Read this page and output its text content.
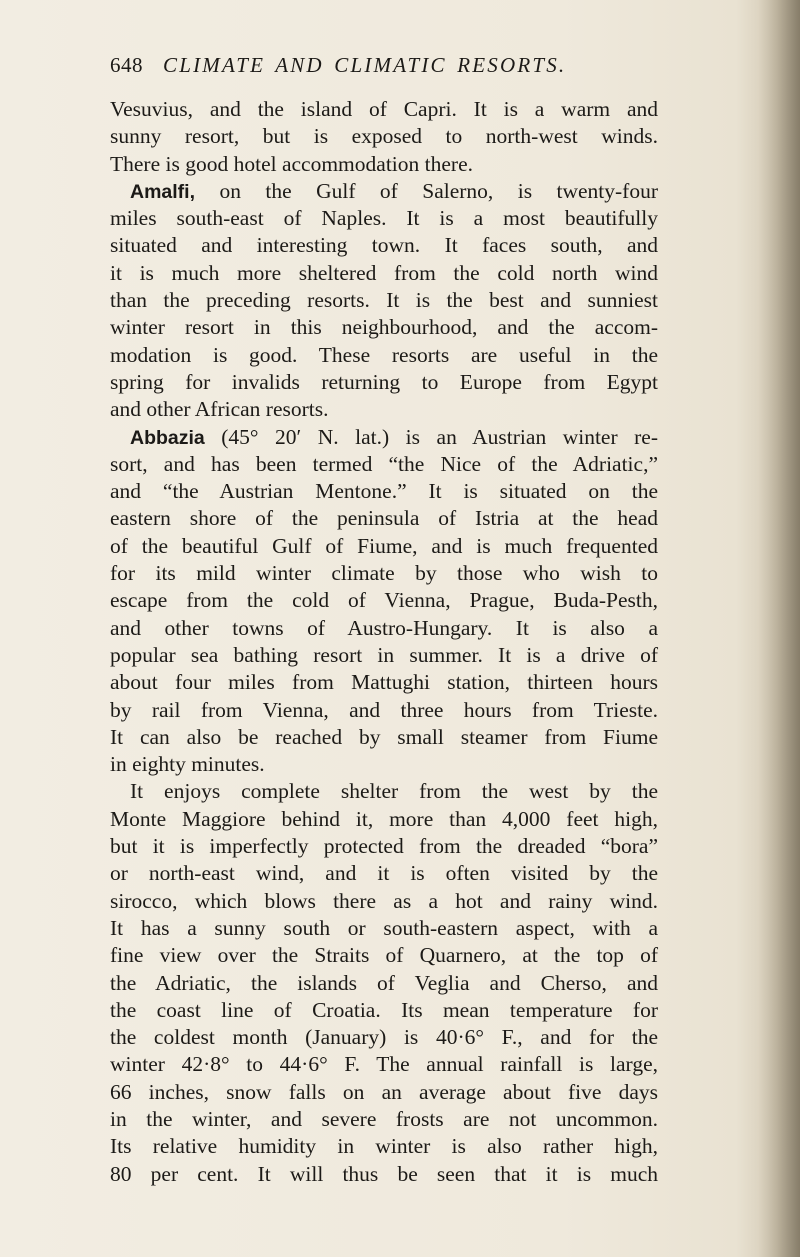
648 CLIMATE AND CLIMATIC RESORTS.
Vesuvius, and the island of Capri. It is a warm and
sunny resort, but is exposed to north-west winds.
There is good hotel accommodation there.
Amalfi, on the Gulf of Salerno, is twenty-four
miles south-east of Naples. It is a most beautifully
situated and interesting town. It faces south, and
it is much more sheltered from the cold north wind
than the preceding resorts. It is the best and sunniest
winter resort in this neighbourhood, and the accom-
modation is good. These resorts are useful in the
spring for invalids returning to Europe from Egypt
and other African resorts.
Abbazia (45° 20′ N. lat.) is an Austrian winter re-
sort, and has been termed “the Nice of the Adriatic,”
and “the Austrian Mentone.” It is situated on the
eastern shore of the peninsula of Istria at the head
of the beautiful Gulf of Fiume, and is much frequented
for its mild winter climate by those who wish to
escape from the cold of Vienna, Prague, Buda-Pesth,
and other towns of Austro-Hungary. It is also a
popular sea bathing resort in summer. It is a drive of
about four miles from Mattughi station, thirteen hours
by rail from Vienna, and three hours from Trieste.
It can also be reached by small steamer from Fiume
in eighty minutes.
It enjoys complete shelter from the west by the
Monte Maggiore behind it, more than 4,000 feet high,
but it is imperfectly protected from the dreaded “bora”
or north-east wind, and it is often visited by the
sirocco, which blows there as a hot and rainy wind.
It has a sunny south or south-eastern aspect, with a
fine view over the Straits of Quarnero, at the top of
the Adriatic, the islands of Veglia and Cherso, and
the coast line of Croatia. Its mean temperature for
the coldest month (January) is 40·6° F., and for the
winter 42·8° to 44·6° F. The annual rainfall is large,
66 inches, snow falls on an average about five days
in the winter, and severe frosts are not uncommon.
Its relative humidity in winter is also rather high,
80 per cent. It will thus be seen that it is much
